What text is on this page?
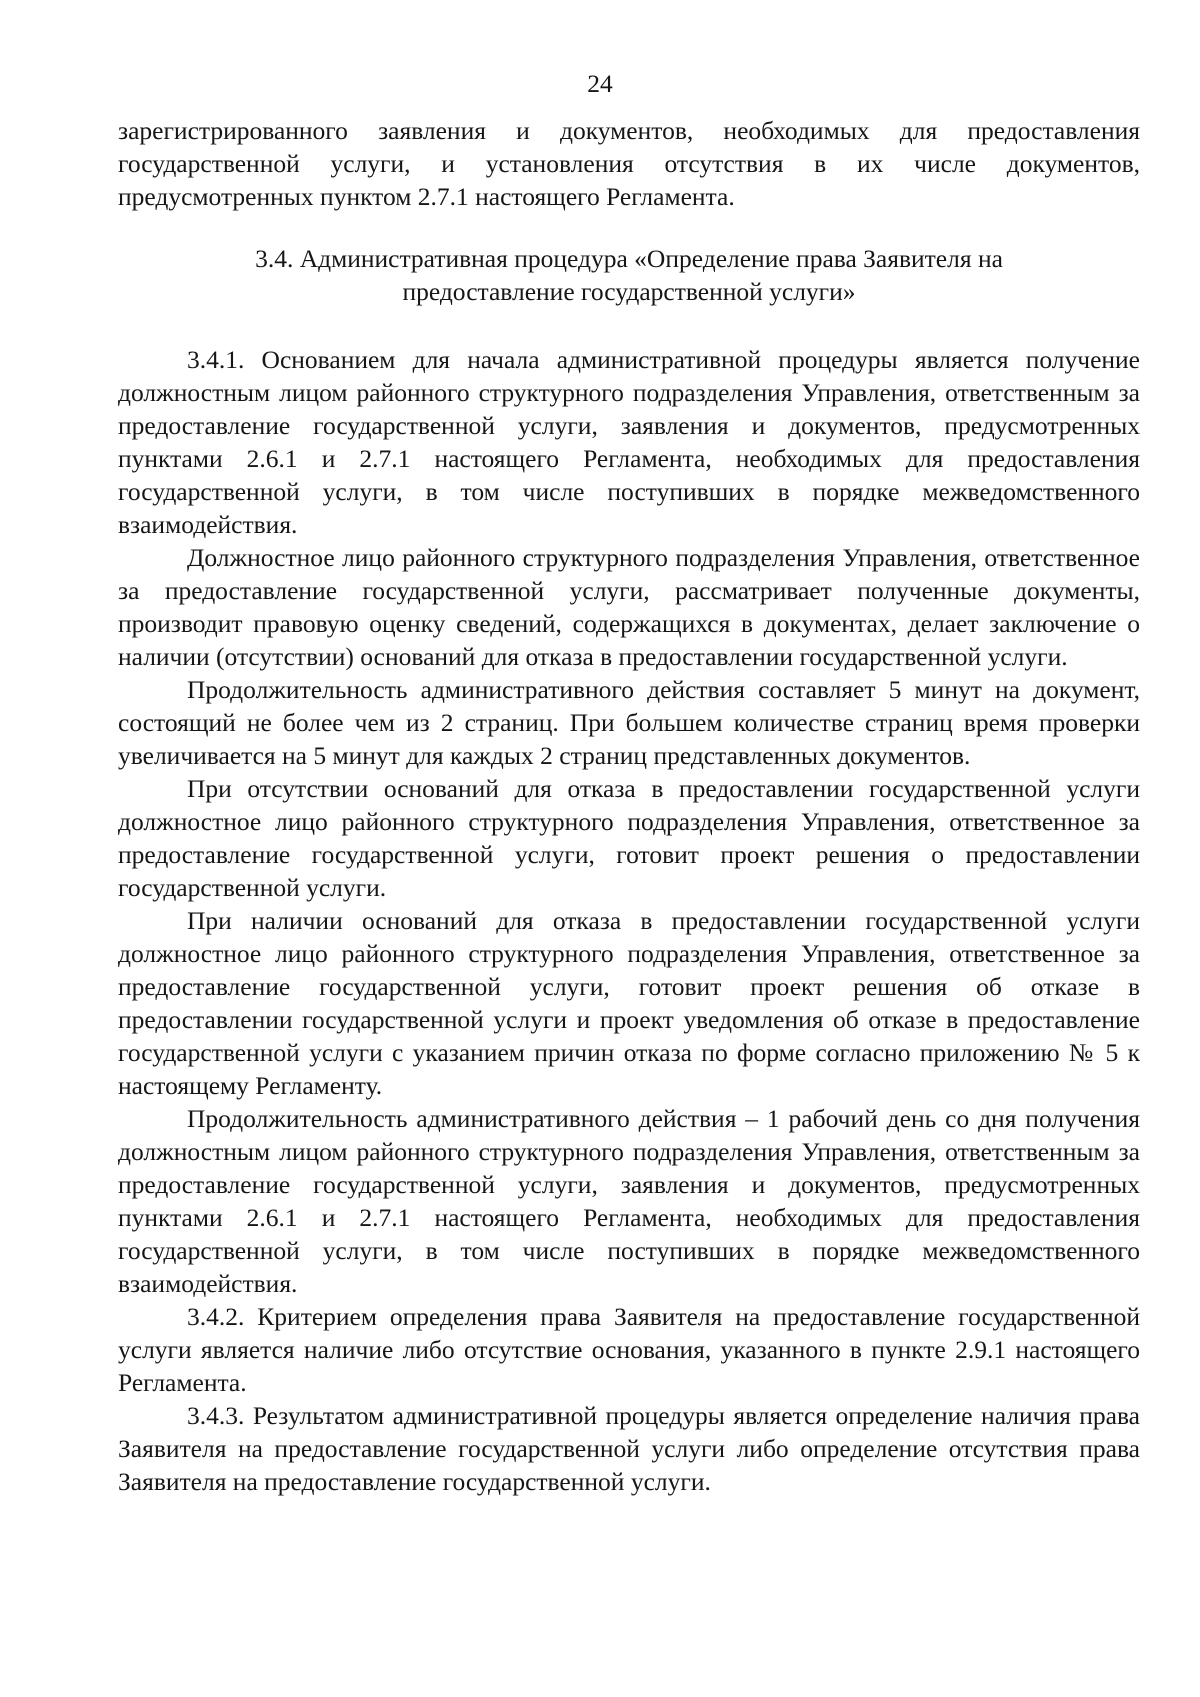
24

зарегистрированного заявления и документов, необходимых для предоставления государственной услуги, и установления отсутствия в их числе документов, предусмотренных пунктом 2.7.1 настоящего Регламента.

3.4. Административная процедура «Определение права Заявителя на
предоставление государственной услуги»

3.4.1. Основанием для начала административной процедуры является получение должностным лицом районного структурного подразделения Управления, ответственным за предоставление государственной услуги, заявления и документов, предусмотренных пунктами 2.6.1 и 2.7.1 настоящего Регламента, необходимых для предоставления государственной услуги, в том числе поступивших в порядке межведомственного взаимодействия.

Должностное лицо районного структурного подразделения Управления, ответственное за предоставление государственной услуги, рассматривает полученные документы, производит правовую оценку сведений, содержащихся в документах, делает заключение о наличии (отсутствии) оснований для отказа в предоставлении государственной услуги.

Продолжительность административного действия составляет 5 минут на документ, состоящий не более чем из 2 страниц. При большем количестве страниц время проверки увеличивается на 5 минут для каждых 2 страниц представленных документов.

При отсутствии оснований для отказа в предоставлении государственной услуги должностное лицо районного структурного подразделения Управления, ответственное за предоставление государственной услуги, готовит проект решения о предоставлении государственной услуги.

При наличии оснований для отказа в предоставлении государственной услуги должностное лицо районного структурного подразделения Управления, ответственное за предоставление государственной услуги, готовит проект решения об отказе в предоставлении государственной услуги и проект уведомления об отказе в предоставление государственной услуги с указанием причин отказа по форме согласно приложению № 5 к настоящему Регламенту.

Продолжительность административного действия – 1 рабочий день со дня получения должностным лицом районного структурного подразделения Управления, ответственным за предоставление государственной услуги, заявления и документов, предусмотренных пунктами 2.6.1 и 2.7.1 настоящего Регламента, необходимых для предоставления государственной услуги, в том числе поступивших в порядке межведомственного взаимодействия.

3.4.2. Критерием определения права Заявителя на предоставление государственной услуги является наличие либо отсутствие основания, указанного в пункте 2.9.1 настоящего Регламента.

3.4.3. Результатом административной процедуры является определение наличия права Заявителя на предоставление государственной услуги либо определение отсутствия права Заявителя на предоставление государственной услуги.
